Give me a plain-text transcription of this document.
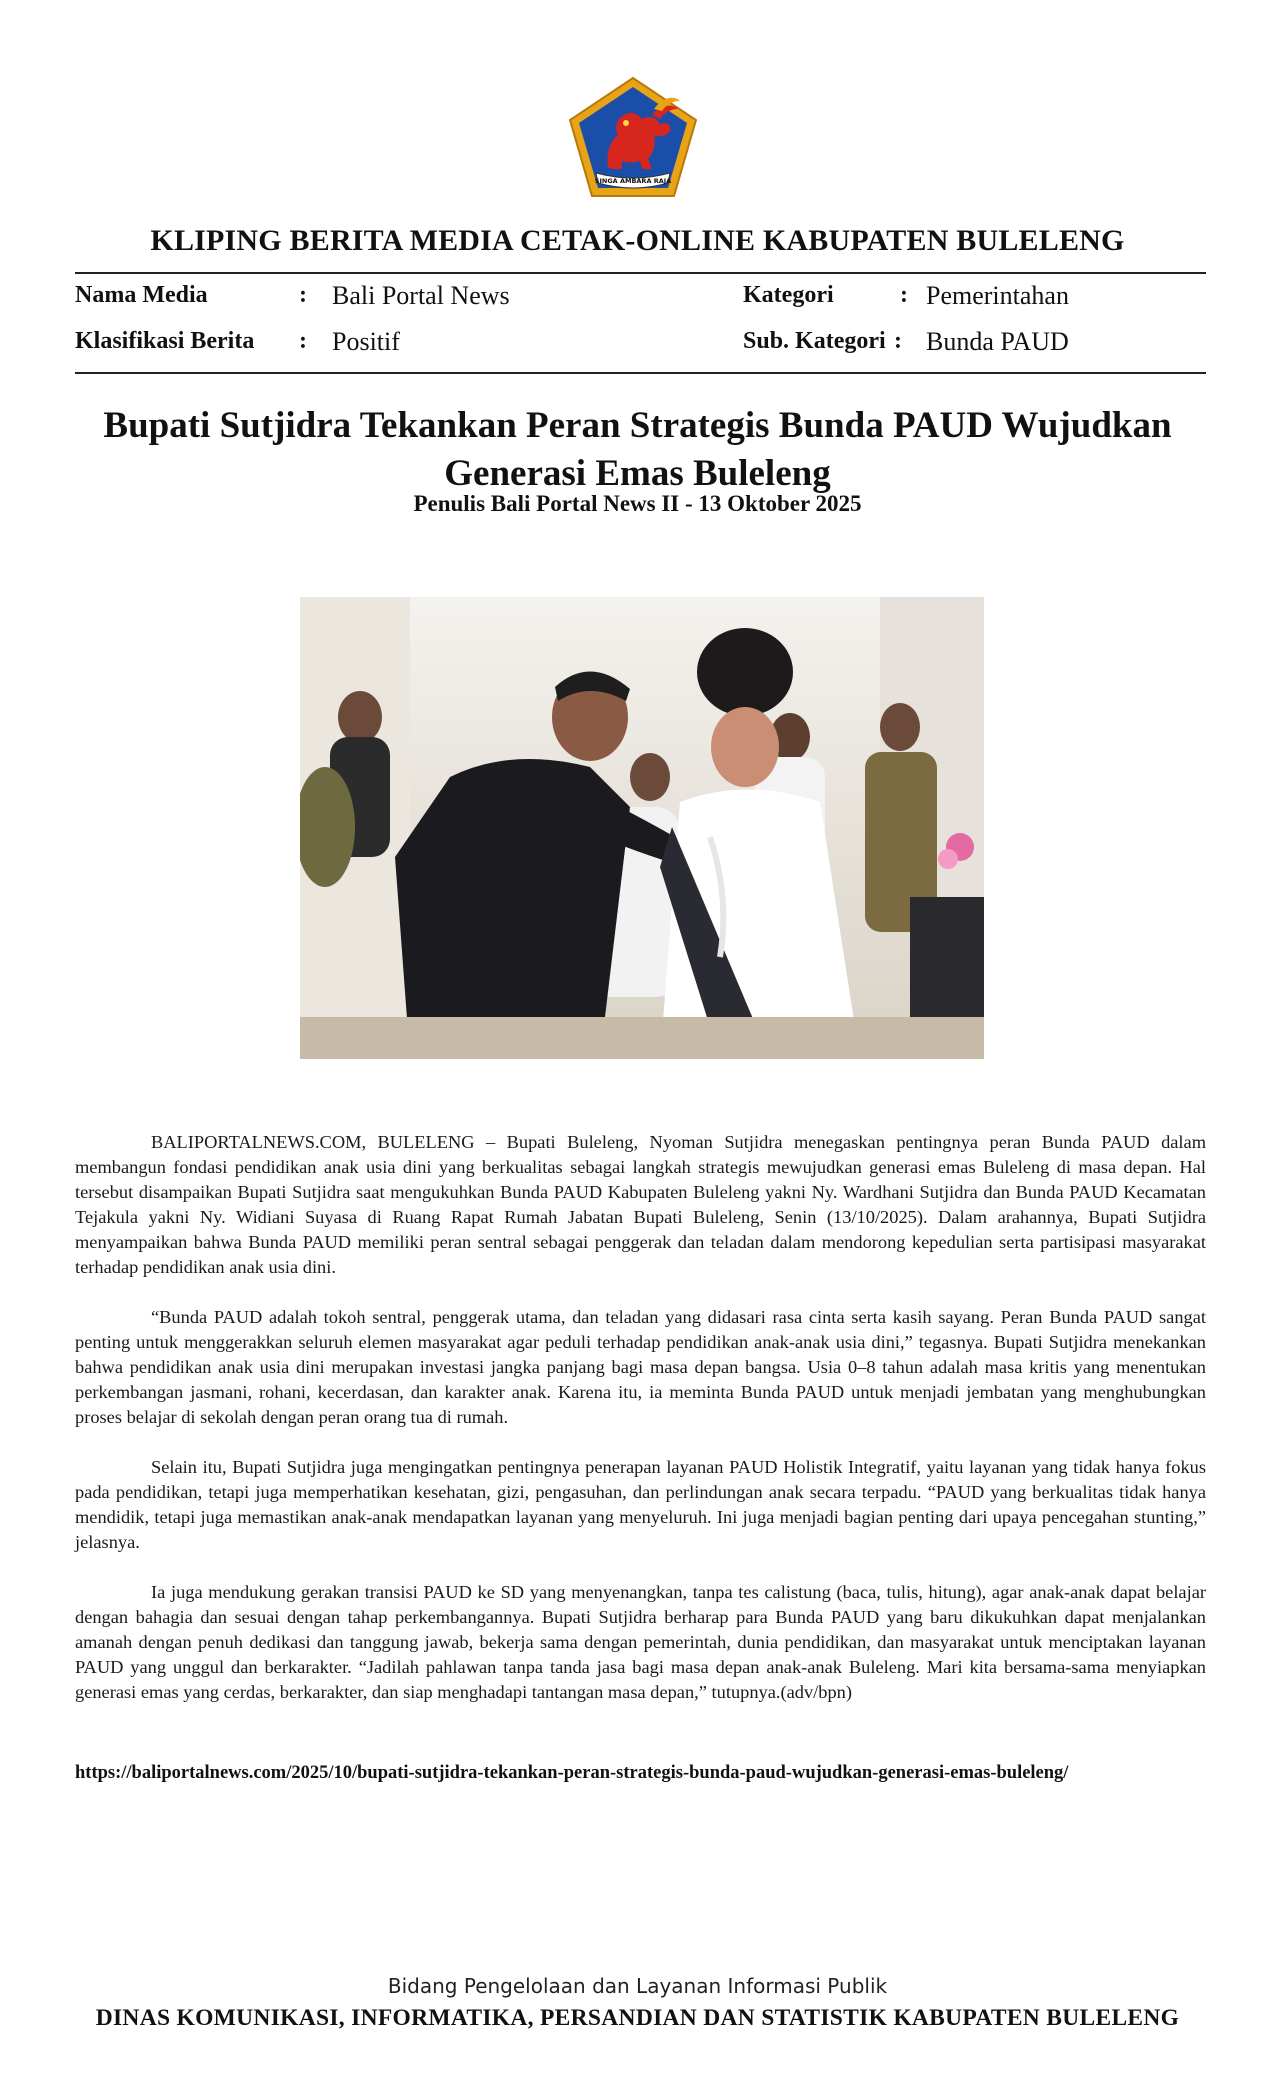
SINGA AMBARA RAJA
KLIPING BERITA MEDIA CETAK-ONLINE KABUPATEN BULELENG
Nama Media	: Bali Portal News	Kategori	: Pemerintahan
Klasifikasi Berita : Positif	Sub. Kategori : Bunda PAUD
Bupati Sutjidra Tekankan Peran Strategis Bunda PAUD Wujudkan Generasi Emas Buleleng
Penulis Bali Portal News II - 13 Oktober 2025

BALIPORTALNEWS.COM, BULELENG – Bupati Buleleng, Nyoman Sutjidra menegaskan pentingnya peran Bunda PAUD dalam membangun fondasi pendidikan anak usia dini yang berkualitas sebagai langkah strategis mewujudkan generasi emas Buleleng di masa depan. Hal tersebut disampaikan Bupati Sutjidra saat mengukuhkan Bunda PAUD Kabupaten Buleleng yakni Ny. Wardhani Sutjidra dan Bunda PAUD Kecamatan Tejakula yakni Ny. Widiani Suyasa di Ruang Rapat Rumah Jabatan Bupati Buleleng, Senin (13/10/2025). Dalam arahannya, Bupati Sutjidra menyampaikan bahwa Bunda PAUD memiliki peran sentral sebagai penggerak dan teladan dalam mendorong kepedulian serta partisipasi masyarakat terhadap pendidikan anak usia dini.

“Bunda PAUD adalah tokoh sentral, penggerak utama, dan teladan yang didasari rasa cinta serta kasih sayang. Peran Bunda PAUD sangat penting untuk menggerakkan seluruh elemen masyarakat agar peduli terhadap pendidikan anak-anak usia dini,” tegasnya. Bupati Sutjidra menekankan bahwa pendidikan anak usia dini merupakan investasi jangka panjang bagi masa depan bangsa. Usia 0–8 tahun adalah masa kritis yang menentukan perkembangan jasmani, rohani, kecerdasan, dan karakter anak. Karena itu, ia meminta Bunda PAUD untuk menjadi jembatan yang menghubungkan proses belajar di sekolah dengan peran orang tua di rumah.

Selain itu, Bupati Sutjidra juga mengingatkan pentingnya penerapan layanan PAUD Holistik Integratif, yaitu layanan yang tidak hanya fokus pada pendidikan, tetapi juga memperhatikan kesehatan, gizi, pengasuhan, dan perlindungan anak secara terpadu. “PAUD yang berkualitas tidak hanya mendidik, tetapi juga memastikan anak-anak mendapatkan layanan yang menyeluruh. Ini juga menjadi bagian penting dari upaya pencegahan stunting,” jelasnya.

Ia juga mendukung gerakan transisi PAUD ke SD yang menyenangkan, tanpa tes calistung (baca, tulis, hitung), agar anak-anak dapat belajar dengan bahagia dan sesuai dengan tahap perkembangannya. Bupati Sutjidra berharap para Bunda PAUD yang baru dikukuhkan dapat menjalankan amanah dengan penuh dedikasi dan tanggung jawab, bekerja sama dengan pemerintah, dunia pendidikan, dan masyarakat untuk menciptakan layanan PAUD yang unggul dan berkarakter. “Jadilah pahlawan tanpa tanda jasa bagi masa depan anak-anak Buleleng. Mari kita bersama-sama menyiapkan generasi emas yang cerdas, berkarakter, dan siap menghadapi tantangan masa depan,” tutupnya.(adv/bpn)

https://baliportalnews.com/2025/10/bupati-sutjidra-tekankan-peran-strategis-bunda-paud-wujudkan-generasi-emas-buleleng/
Bidang Pengelolaan dan Layanan Informasi Publik
DINAS KOMUNIKASI, INFORMATIKA, PERSANDIAN DAN STATISTIK KABUPATEN BULELENG
